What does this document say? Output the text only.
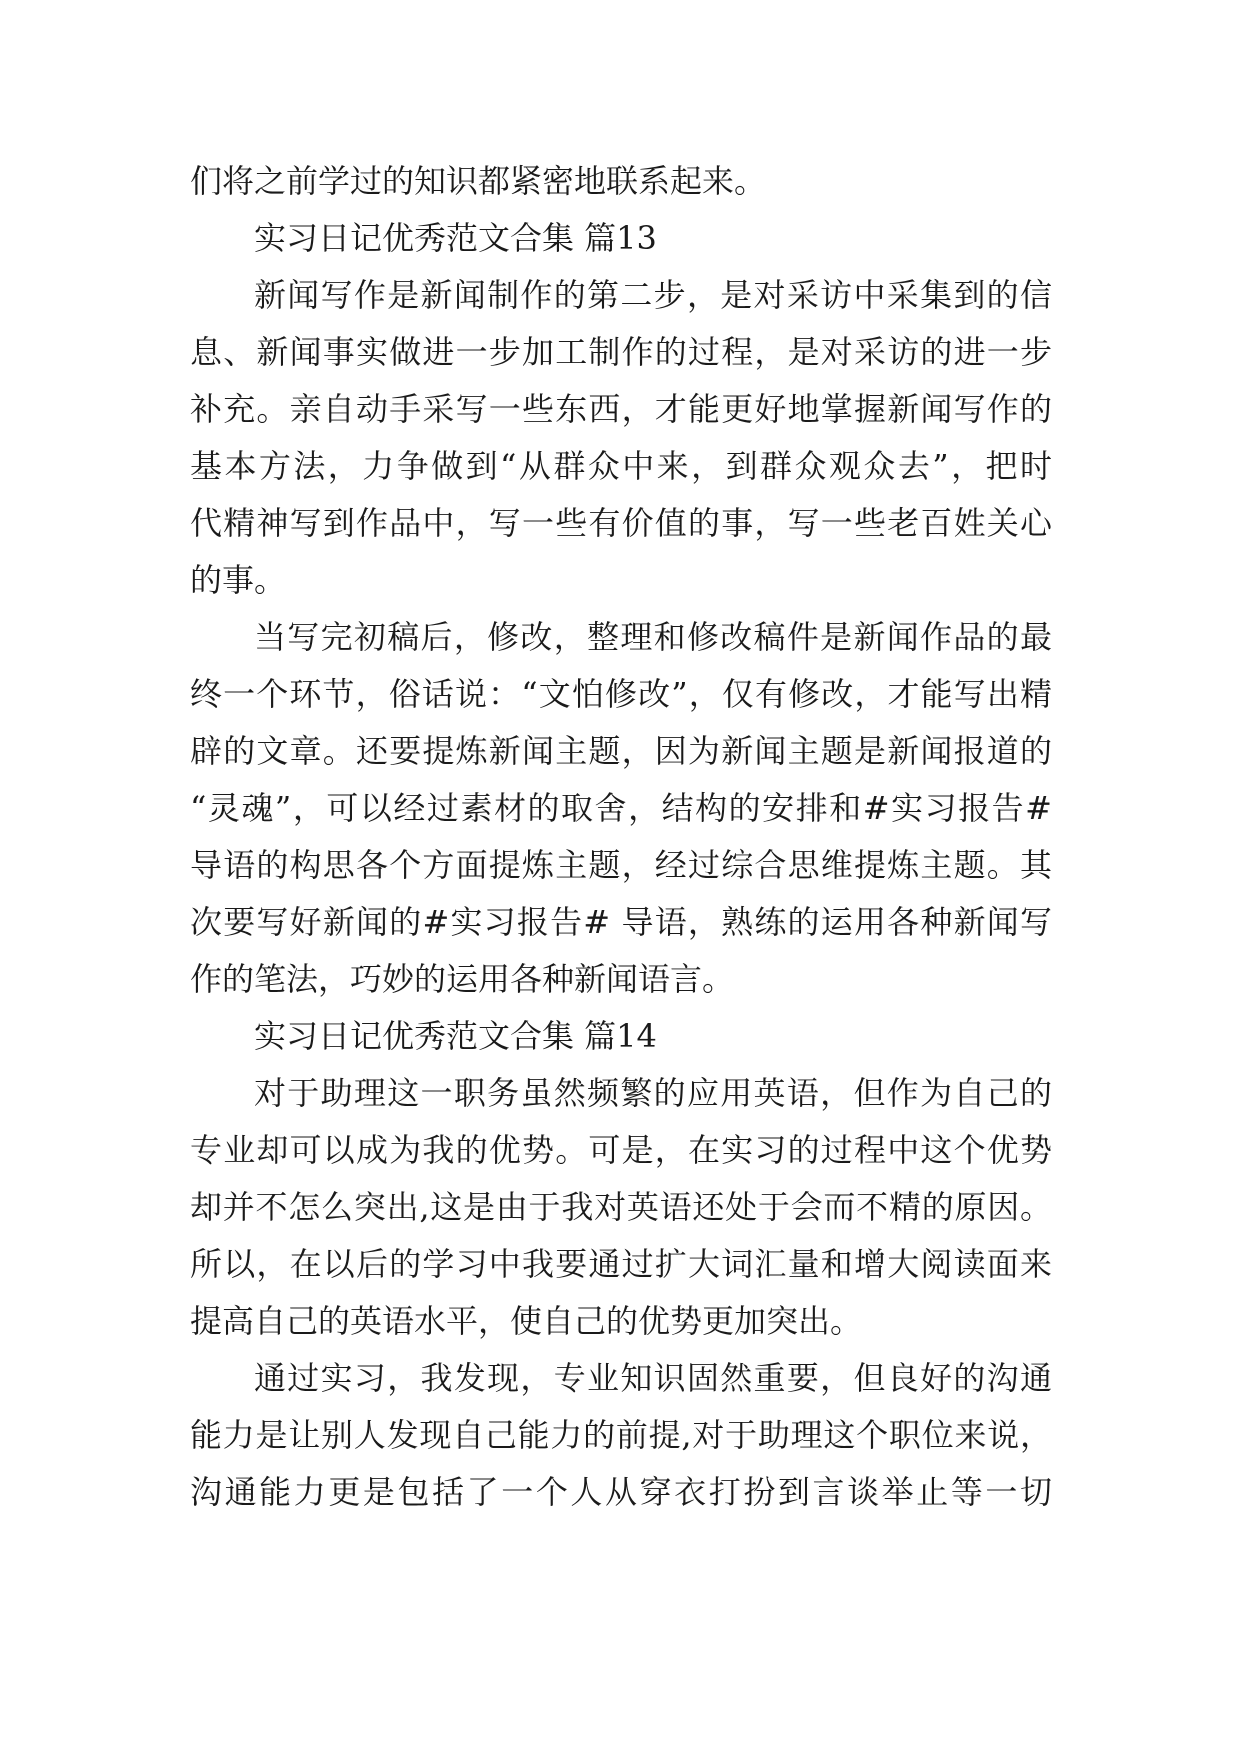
们将之前学过的知识都紧密地联系起来。
实习日记优秀范文合集 篇13
新闻写作是新闻制作的第二步，是对采访中采集到的信
息、新闻事实做进一步加工制作的过程，是对采访的进一步
补充。亲自动手采写一些东西，才能更好地掌握新闻写作的
基本方法，力争做到“从群众中来，到群众观众去”，把时
代精神写到作品中，写一些有价值的事，写一些老百姓关心
的事。
当写完初稿后，修改，整理和修改稿件是新闻作品的最
终一个环节，俗话说：“文怕修改”，仅有修改，才能写出精
辟的文章。还要提炼新闻主题，因为新闻主题是新闻报道的
“灵魂”，可以经过素材的取舍，结构的安排和#实习报告#
导语的构思各个方面提炼主题，经过综合思维提炼主题。其
次要写好新闻的#实习报告# 导语，熟练的运用各种新闻写
作的笔法，巧妙的运用各种新闻语言。
实习日记优秀范文合集 篇14
对于助理这一职务虽然频繁的应用英语，但作为自己的
专业却可以成为我的优势。可是，在实习的过程中这个优势
却并不怎么突出,这是由于我对英语还处于会而不精的原因。
所以，在以后的学习中我要通过扩大词汇量和增大阅读面来
提高自己的英语水平，使自己的优势更加突出。
通过实习，我发现，专业知识固然重要，但良好的沟通
能力是让别人发现自己能力的前提,对于助理这个职位来说，
沟通能力更是包括了一个人从穿衣打扮到言谈举止等一切
